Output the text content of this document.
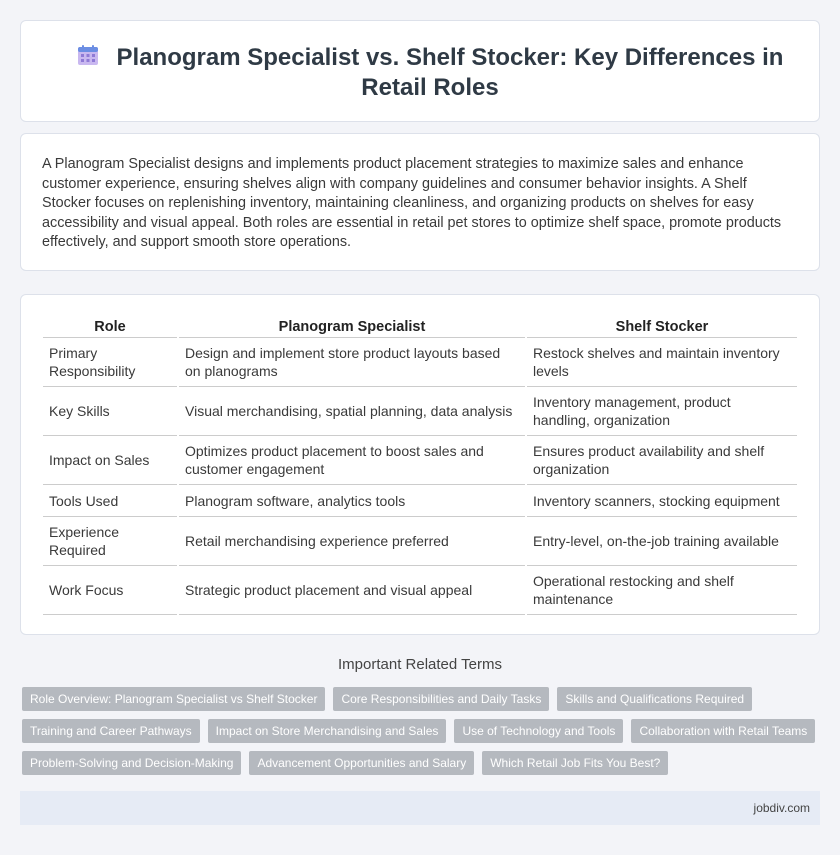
Planogram Specialist vs. Shelf Stocker: Key Differences in Retail Roles

A Planogram Specialist designs and implements product placement strategies to maximize sales and enhance customer experience, ensuring shelves align with company guidelines and consumer behavior insights. A Shelf Stocker focuses on replenishing inventory, maintaining cleanliness, and organizing products on shelves for easy accessibility and visual appeal. Both roles are essential in retail pet stores to optimize shelf space, promote products effectively, and support smooth store operations.

Role	Planogram Specialist	Shelf Stocker
Primary Responsibility	Design and implement store product layouts based on planograms	Restock shelves and maintain inventory levels
Key Skills	Visual merchandising, spatial planning, data analysis	Inventory management, product handling, organization
Impact on Sales	Optimizes product placement to boost sales and customer engagement	Ensures product availability and shelf organization
Tools Used	Planogram software, analytics tools	Inventory scanners, stocking equipment
Experience Required	Retail merchandising experience preferred	Entry-level, on-the-job training available
Work Focus	Strategic product placement and visual appeal	Operational restocking and shelf maintenance
Important Related Terms
Role Overview: Planogram Specialist vs Shelf Stocker	Core Responsibilities and Daily Tasks	Skills and Qualifications Required
Training and Career Pathways	Impact on Store Merchandising and Sales	Use of Technology and Tools	Collaboration with Retail Teams
Problem-Solving and Decision-Making	Advancement Opportunities and Salary	Which Retail Job Fits You Best?
jobdiv.com
